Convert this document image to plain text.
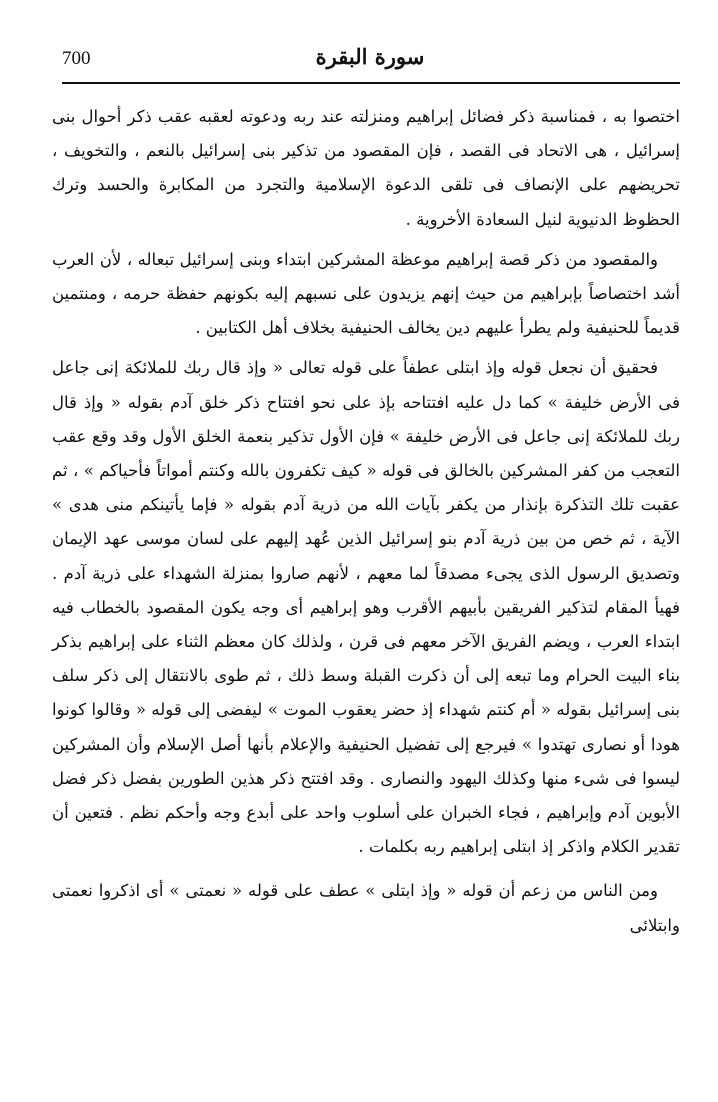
700	سورة البقرة

اختصوا به ، فمناسبة ذكر فضائل إبراهيم ومنزلته عند ربه ودعوته لعقبه عقب ذكر أحوال بنى إسرائيل ، هى الاتحاد فى القصد ، فإن المقصود من تذكير بنى إسرائيل بالنعم ، والتخويف ، تحريضهم على الإنصاف فى تلقى الدعوة الإسلامية والتجرد من المكابرة والحسد وترك الحظوظ الدنيوية لنيل السعادة الأخروية .

والمقصود من ذكر قصة إبراهيم موعظة المشركين ابتداء وبنى إسرائيل تبعاله ، لأن العرب أشد اختصاصاً بإبراهيم من حيث إنهم يزيدون على نسبهم إليه بكونهم حفظة حرمه ، ومنتمين قديماً للحنيفية ولم يطرأ عليهم دين يخالف الحنيفية بخلاف أهل الكتابين .

فحقيق أن نجعل قوله وإذ ابتلى عطفاً على قوله تعالى « وإذ قال ربك للملائكة إنى جاعل فى الأرض خليفة » كما دل عليه افتتاحه بإذ على نحو افتتاح ذكر خلق آدم بقوله « وإذ قال ربك للملائكة إنى جاعل فى الأرض خليفة » فإن الأول تذكير بنعمة الخلق الأول وقد وقع عقب التعجب من كفر المشركين بالخالق فى قوله « كيف تكفرون بالله وكنتم أمواتاً فأحياكم » ، ثم عقبت تلك التذكرة بإنذار من يكفر بآيات الله من ذرية آدم بقوله « فإما يأتينكم منى هدى » الآية ، ثم خص من بين ذرية آدم بنو إسرائيل الذين عُهد إليهم على لسان موسى عهد الإيمان وتصديق الرسول الذى يجىء مصدقاً لما معهم ، لأنهم صاروا بمنزلة الشهداء على ذرية آدم . فهيأ المقام لتذكير الفريقين بأبيهم الأقرب وهو إبراهيم أى وجه يكون المقصود بالخطاب فيه ابتداء العرب ، ويضم الفريق الآخر معهم فى قرن ، ولذلك كان معظم الثناء على إبراهيم بذكر بناء البيت الحرام وما تبعه إلى أن ذكرت القبلة وسط ذلك ، ثم طوى بالانتقال إلى ذكر سلف بنى إسرائيل بقوله « أم كنتم شهداء إذ حضر يعقوب الموت » ليفضى إلى قوله « وقالوا كونوا هودا أو نصارى تهتدوا » فيرجع إلى تفضيل الحنيفية والإعلام بأنها أصل الإسلام وأن المشركين ليسوا فى شىء منها وكذلك اليهود والنصارى . وقد افتتح ذكر هذين الطورين بفضل ذكر فضل الأبوين آدم وإبراهيم ، فجاء الخبران على أسلوب واحد على أبدع وجه وأحكم نظم . فتعين أن تقدير الكلام واذكر إذ ابتلى إبراهيم ربه بكلمات .

ومن الناس من زعم أن قوله « وإذ ابتلى » عطف على قوله « نعمتى » أى اذكروا نعمتى وابتلائى
